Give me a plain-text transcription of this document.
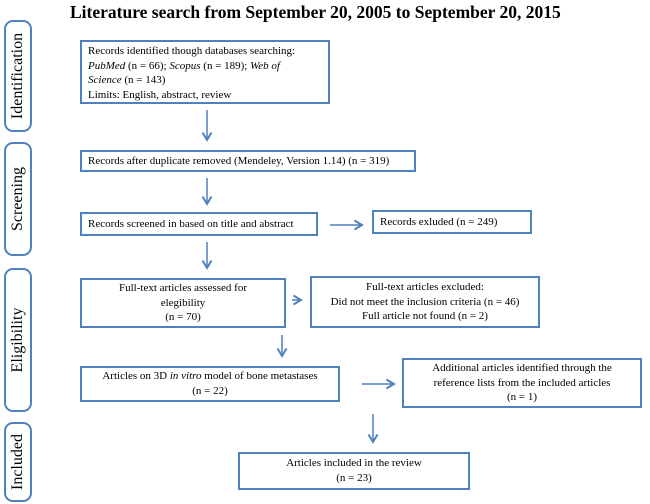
Literature search from September 20, 2005 to September 20, 2015
Identification
Screening
Eligibility
Included
Records identified though databases searching:
PubMed (n = 66); Scopus (n = 189); Web of
Science (n = 143)
Limits: English, abstract, review
Records after duplicate removed (Mendeley, Version 1.14) (n = 319)
Records screened in based on title and abstract	Records exluded (n = 249)
Full-text articles assessed for
elegibility
(n = 70)
Full-text articles excluded:
Did not meet the inclusion criteria (n = 46)
Full article not found (n = 2)
Articles on 3D in vitro model of bone metastases
(n = 22)
Additional articles identified through the
reference lists from the included articles
(n = 1)
Articles included in the review
(n = 23)
